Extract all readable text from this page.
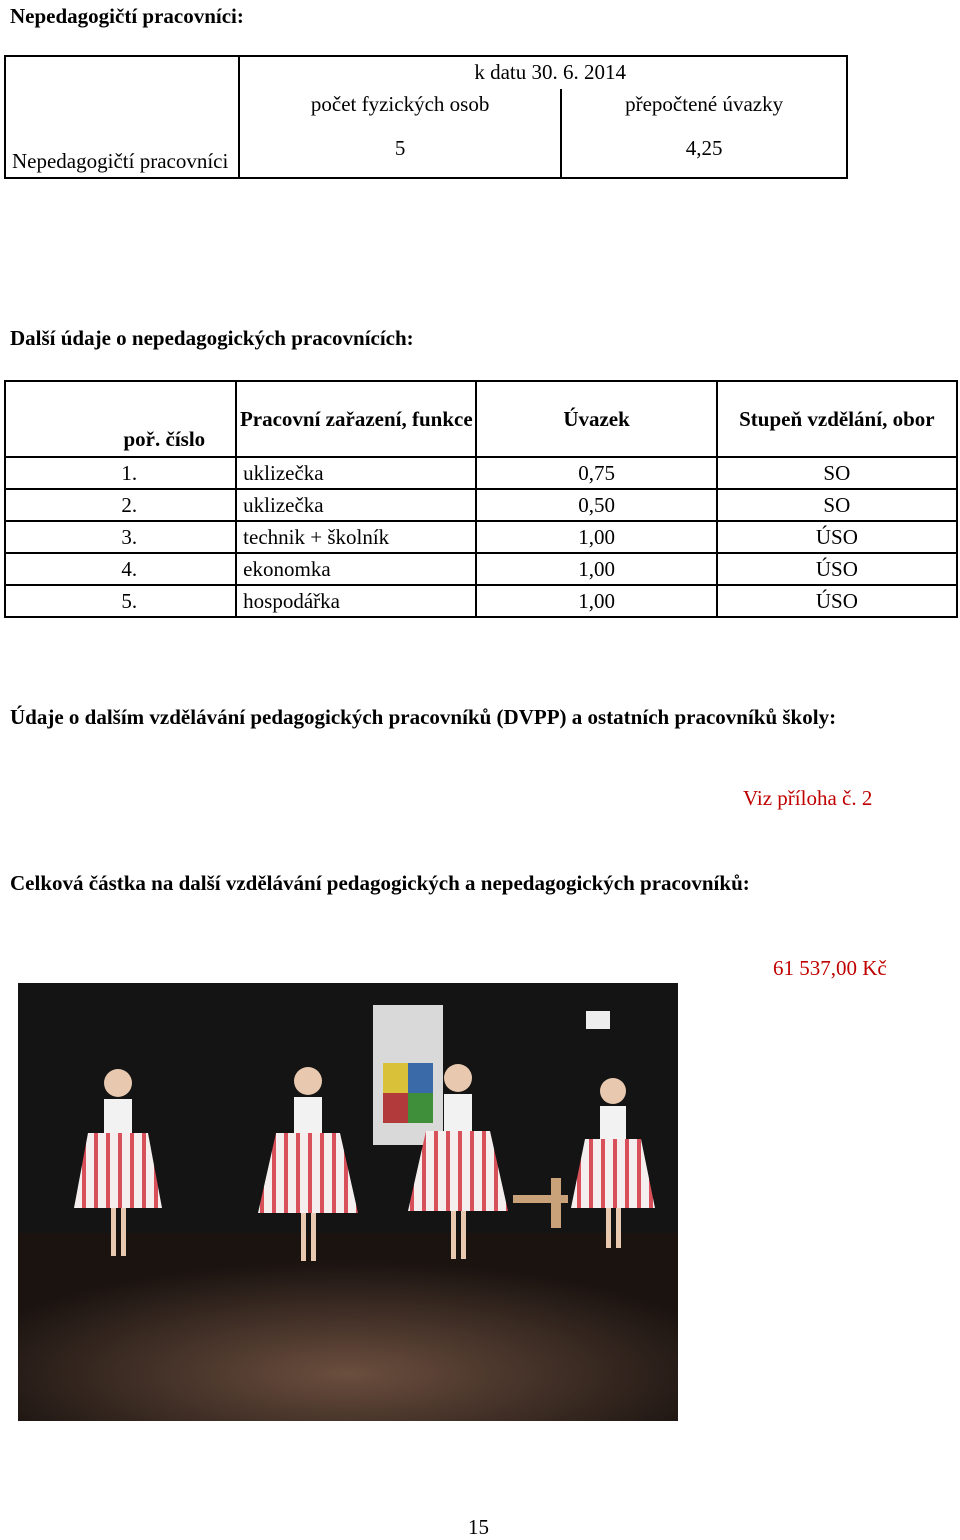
Nepedagogičtí pracovníci:
Nepedagogičtí pracovníci	k datu 30. 6. 2014	
	počet fyzických osob	přepočtené úvazky
	5	4,25
Další údaje o nepedagogických pracovnících:
poř. číslo	Pracovní zařazení, funkce	Úvazek	Stupeň vzdělání, obor
1.	uklizečka	0,75	SO
2.	uklizečka	0,50	SO
3.	technik + školník	1,00	ÚSO
4.	ekonomka	1,00	ÚSO
5.	hospodářka	1,00	ÚSO
Údaje o dalším vzdělávání pedagogických pracovníků (DVPP) a ostatních pracovníků školy:
Viz příloha č. 2
Celková částka na další vzdělávání pedagogických a nepedagogických pracovníků:
61 537,00 Kč
15
